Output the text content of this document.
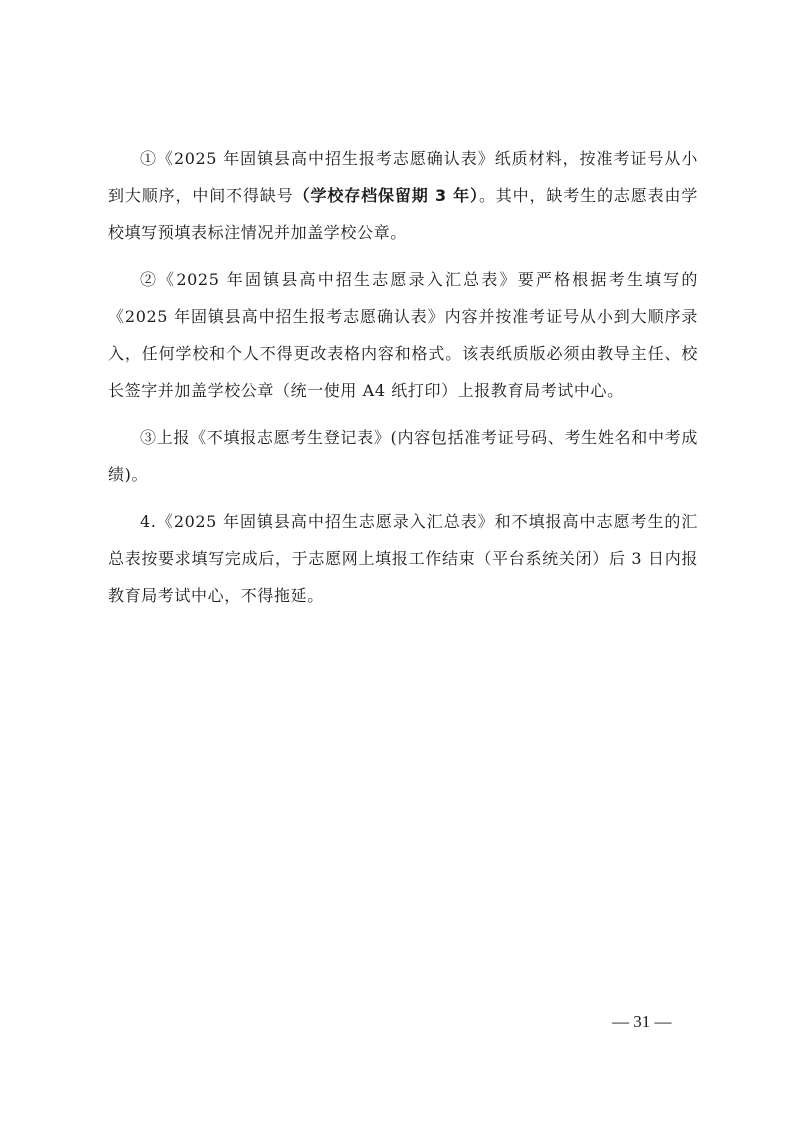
①《2025 年固镇县高中招生报考志愿确认表》纸质材料，按准考证号从小到大顺序，中间不得缺号（学校存档保留期 3 年）。其中，缺考生的志愿表由学校填写预填表标注情况并加盖学校公章。

②《2025 年固镇县高中招生志愿录入汇总表》要严格根据考生填写的《2025 年固镇县高中招生报考志愿确认表》内容并按准考证号从小到大顺序录入，任何学校和个人不得更改表格内容和格式。该表纸质版必须由教导主任、校长签字并加盖学校公章（统一使用 A4 纸打印）上报教育局考试中心。

③上报《不填报志愿考生登记表》(内容包括准考证号码、考生姓名和中考成绩)。

4.《2025 年固镇县高中招生志愿录入汇总表》和不填报高中志愿考生的汇总表按要求填写完成后，于志愿网上填报工作结束（平台系统关闭）后 3 日内报教育局考试中心，不得拖延。

— 31 —
